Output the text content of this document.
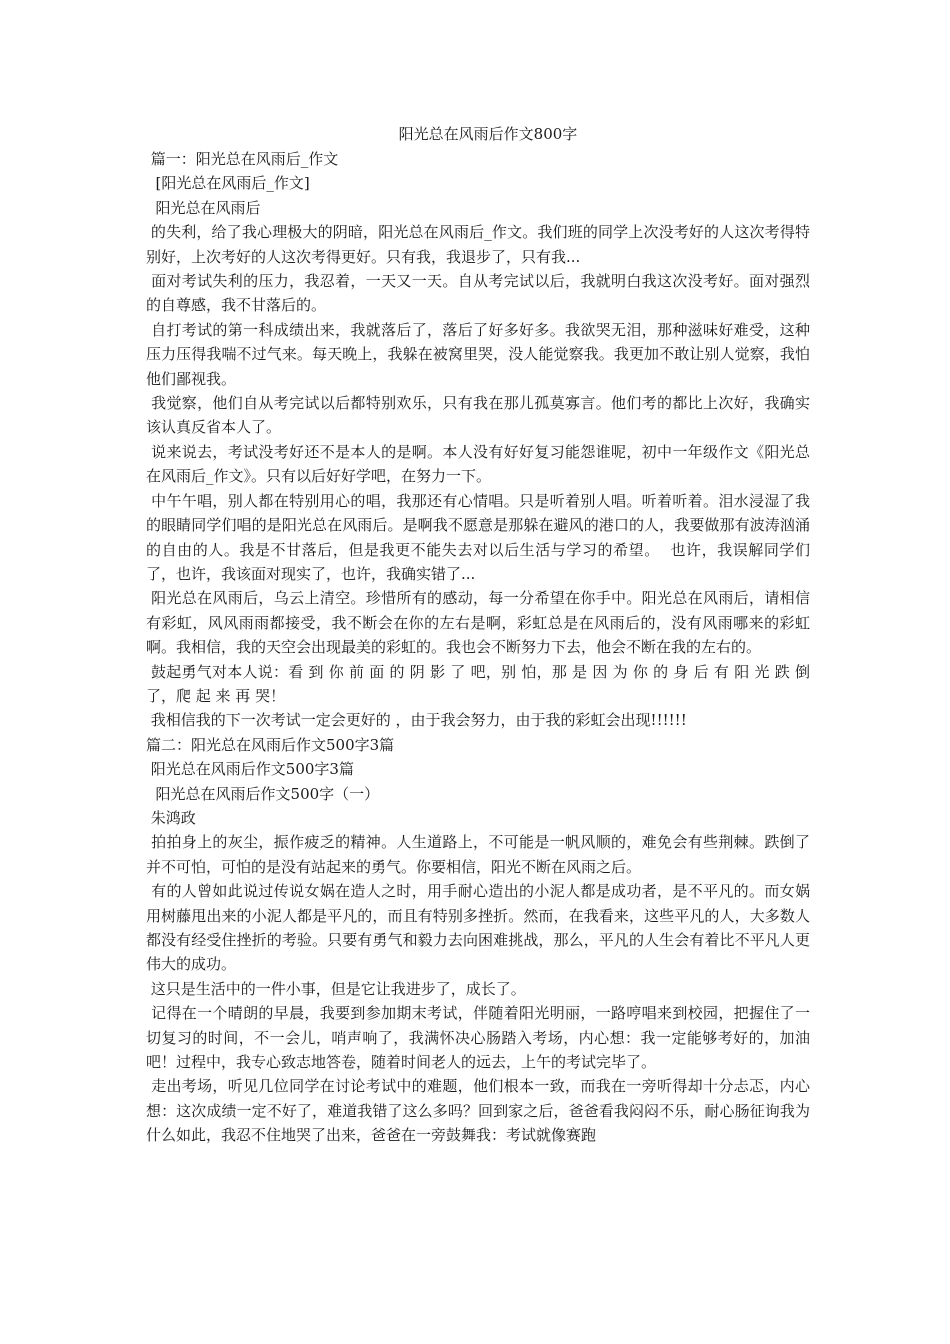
阳光总在风雨后作文800字

篇一：阳光总在风雨后_作文

[阳光总在风雨后_作文]

阳光总在风雨后

的失利，给了我心理极大的阴暗，阳光总在风雨后_作文。我们班的同学上次没考好的人这次考得特别好，上次考好的人这次考得更好。只有我，我退步了，只有我...

面对考试失利的压力，我忍着，一天又一天。自从考完试以后，我就明白我这次没考好。面对强烈的自尊感，我不甘落后的。

自打考试的第一科成绩出来，我就落后了，落后了好多好多。我欲哭无泪，那种滋味好难受，这种压力压得我喘不过气来。每天晚上，我躲在被窝里哭，没人能觉察我。我更加不敢让别人觉察，我怕他们鄙视我。

我觉察，他们自从考完试以后都特别欢乐，只有我在那儿孤莫寡言。他们考的都比上次好，我确实该认真反省本人了。

说来说去，考试没考好还不是本人的是啊。本人没有好好复习能怨谁呢，初中一年级作文《阳光总在风雨后_作文》。只有以后好好学吧，在努力一下。

中午午唱，别人都在特别用心的唱，我那还有心情唱。只是听着别人唱。听着听着。泪水浸湿了我的眼睛同学们唱的是阳光总在风雨后。是啊我不愿意是那躲在避风的港口的人，我要做那有波涛汹涌的自由的人。我是不甘落后，但是我更不能失去对以后生活与学习的希望。  也许，我误解同学们了，也许，我该面对现实了，也许，我确实错了...

阳光总在风雨后，乌云上清空。珍惜所有的感动，每一分希望在你手中。阳光总在风雨后，请相信有彩虹，风风雨雨都接受，我不断会在你的左右是啊，彩虹总是在风雨后的，没有风雨哪来的彩虹啊。我相信，我的天空会出现最美的彩虹的。我也会不断努力下去，他会不断在我的左右的。

鼓起勇气对本人说：看 到 你 前 面 的 阴 影 了 吧，别 怕，那 是 因 为 你 的 身 后 有 阳 光 跌 倒 了，爬 起 来 再 哭！

我相信我的下一次考试一定会更好的 ，由于我会努力，由于我的彩虹会出现!!!!!!

篇二：阳光总在风雨后作文500字3篇

阳光总在风雨后作文500字3篇

阳光总在风雨后作文500字（一）

朱鸿政

拍拍身上的灰尘，振作疲乏的精神。人生道路上，不可能是一帆风顺的，难免会有些荆棘。跌倒了并不可怕，可怕的是没有站起来的勇气。你要相信，阳光不断在风雨之后。

有的人曾如此说过传说女娲在造人之时，用手耐心造出的小泥人都是成功者，是不平凡的。而女娲用树藤甩出来的小泥人都是平凡的，而且有特别多挫折。然而，在我看来，这些平凡的人，大多数人都没有经受住挫折的考验。只要有勇气和毅力去向困难挑战，那么，平凡的人生会有着比不平凡人更伟大的成功。

这只是生活中的一件小事，但是它让我进步了，成长了。

记得在一个晴朗的早晨，我要到参加期末考试，伴随着阳光明丽，一路哼唱来到校园，把握住了一切复习的时间，不一会儿，哨声响了，我满怀决心肠踏入考场，内心想：我一定能够考好的，加油吧！过程中，我专心致志地答卷，随着时间老人的远去，上午的考试完毕了。

走出考场，听见几位同学在讨论考试中的难题，他们根本一致，而我在一旁听得却十分忐忑，内心想：这次成绩一定不好了，难道我错了这么多吗？回到家之后，爸爸看我闷闷不乐，耐心肠征询我为什么如此，我忍不住地哭了出来，爸爸在一旁鼓舞我：考试就像赛跑
